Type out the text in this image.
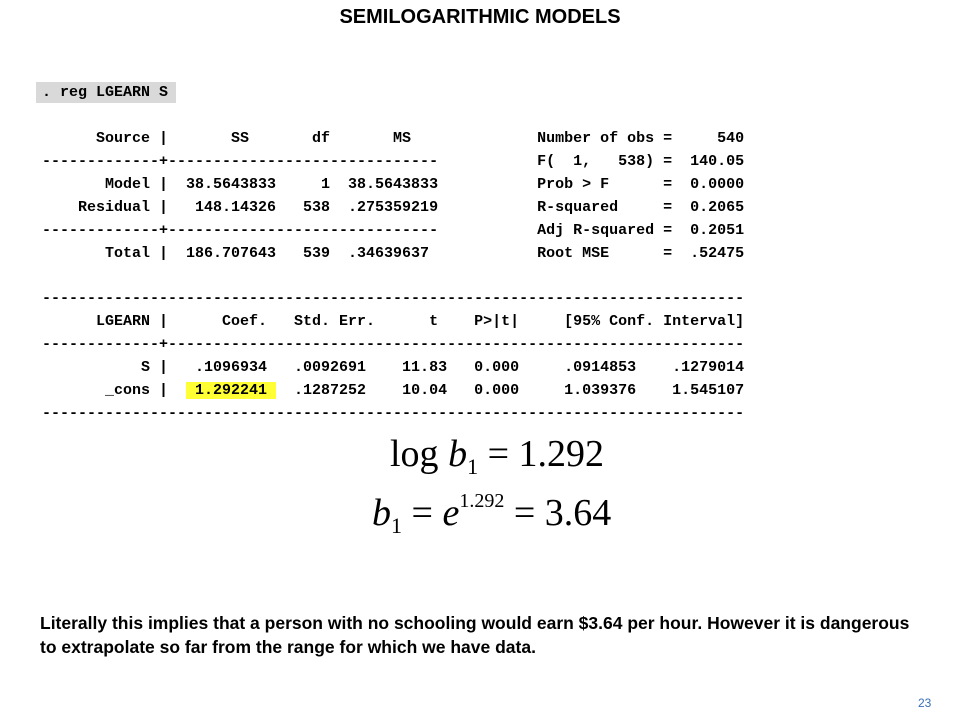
SEMILOGARITHMIC MODELS
. reg LGEARN S
Source |       SS       df       MS              Number of obs =     540
-------------+------------------------------           F(  1,   538) =  140.05
Model |  38.5643833     1  38.5643833           Prob > F      =  0.0000
Residual |   148.14326   538  .275359219           R-squared     =  0.2065
-------------+------------------------------           Adj R-squared =  0.2051
Total |  186.707643   539  .34639637            Root MSE      =  .52475

------------------------------------------------------------------------------
LGEARN |      Coef.   Std. Err.      t    P>|t|     [95% Conf. Interval]
-------------+----------------------------------------------------------------
S |   .1096934   .0092691    11.83   0.000     .0914853    .1279014
_cons |   1.292241   .1287252    10.04   0.000     1.039376    1.545107
------------------------------------------------------------------------------
$\log b_1 = 1.292$
$b_1 = e^{1.292} = 3.64$
Literally this implies that a person with no schooling would earn $3.64 per hour. However it is dangerous to extrapolate so far from the range for which we have data.
23
